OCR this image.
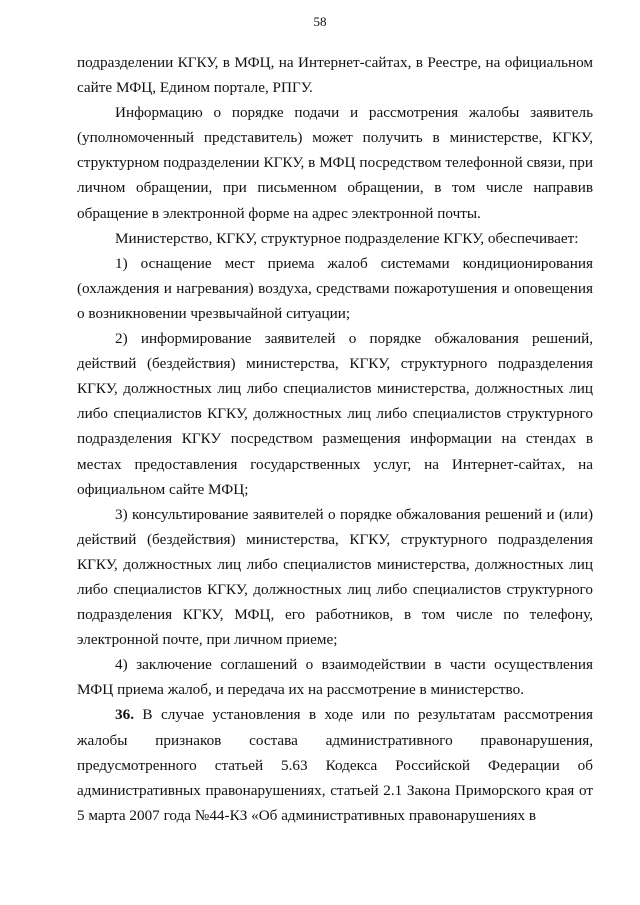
58

подразделении КГКУ, в МФЦ, на Интернет-сайтах, в Реестре, на официальном сайте МФЦ, Едином портале, РПГУ.

Информацию о порядке подачи и рассмотрения жалобы заявитель (уполномоченный представитель) может получить в министерстве, КГКУ, структурном подразделении КГКУ, в МФЦ посредством телефонной связи, при личном обращении, при письменном обращении, в том числе направив обращение в электронной форме на адрес электронной почты.

Министерство, КГКУ, структурное подразделение КГКУ, обеспечивает:

1) оснащение мест приема жалоб системами кондиционирования (охлаждения и нагревания) воздуха, средствами пожаротушения и оповещения о возникновении чрезвычайной ситуации;

2) информирование заявителей о порядке обжалования решений, действий (бездействия) министерства, КГКУ, структурного подразделения КГКУ, должностных лиц либо специалистов министерства, должностных лиц либо специалистов КГКУ, должностных лиц либо специалистов структурного подразделения КГКУ посредством размещения информации на стендах в местах предоставления государственных услуг, на Интернет-сайтах, на официальном сайте МФЦ;

3) консультирование заявителей о порядке обжалования решений и (или) действий (бездействия) министерства, КГКУ, структурного подразделения КГКУ, должностных лиц либо специалистов министерства, должностных лиц либо специалистов КГКУ, должностных лиц либо специалистов структурного подразделения КГКУ, МФЦ, его работников, в том числе по телефону, электронной почте, при личном приеме;

4) заключение соглашений о взаимодействии в части осуществления МФЦ приема жалоб, и передача их на рассмотрение в министерство.

36. В случае установления в ходе или по результатам рассмотрения жалобы признаков состава административного правонарушения, предусмотренного статьей 5.63 Кодекса Российской Федерации об административных правонарушениях, статьей 2.1 Закона Приморского края от 5 марта 2007 года №44-КЗ «Об административных правонарушениях в
